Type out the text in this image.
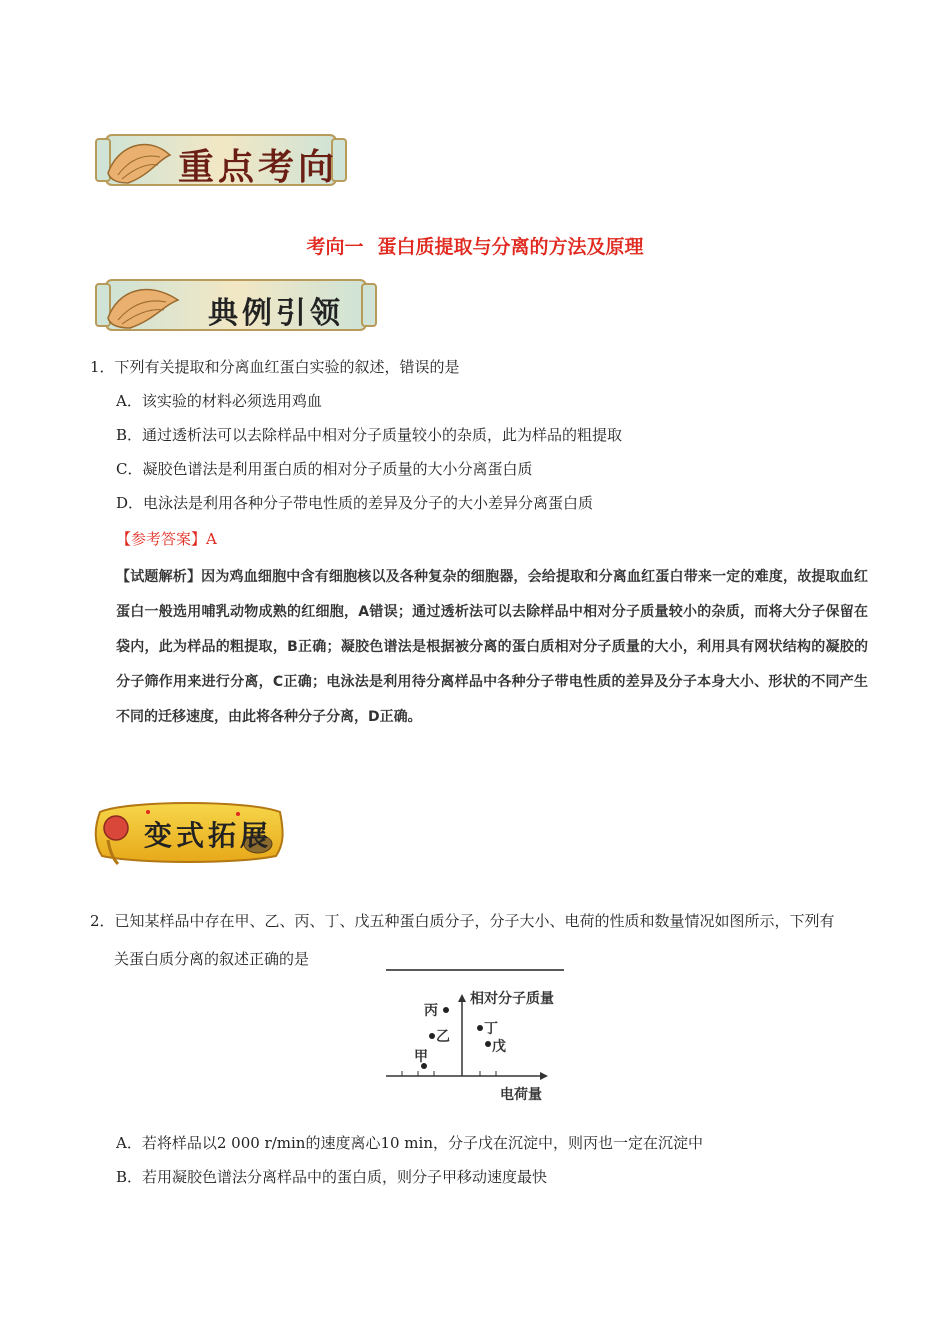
重点考向
考向一 蛋白质提取与分离的方法及原理
典例引领
1．下列有关提取和分离血红蛋白实验的叙述，错误的是
A．该实验的材料必须选用鸡血
B．通过透析法可以去除样品中相对分子质量较小的杂质，此为样品的粗提取
C．凝胶色谱法是利用蛋白质的相对分子质量的大小分离蛋白质
D．电泳法是利用各种分子带电性质的差异及分子的大小差异分离蛋白质
【参考答案】A
【试题解析】因为鸡血细胞中含有细胞核以及各种复杂的细胞器，会给提取和分离血红蛋白带来一定的难度，故提取血红蛋白一般选用哺乳动物成熟的红细胞，A错误；通过透析法可以去除样品中相对分子质量较小的杂质，而将大分子保留在袋内，此为样品的粗提取，B正确；凝胶色谱法是根据被分离的蛋白质相对分子质量的大小，利用具有网状结构的凝胶的分子筛作用来进行分离，C正确；电泳法是利用待分离样品中各种分子带电性质的差异及分子本身大小、形状的不同产生不同的迁移速度，由此将各种分子分离，D正确。
变式拓展
2．已知某样品中存在甲、乙、丙、丁、戊五种蛋白质分子，分子大小、电荷的性质和数量情况如图所示，下列有
关蛋白质分离的叙述正确的是
相对分子质量
电荷量
丙
乙
甲
丁
戊
A．若将样品以2 000 r/min的速度离心10 min，分子戊在沉淀中，则丙也一定在沉淀中
B．若用凝胶色谱法分离样品中的蛋白质，则分子甲移动速度最快
